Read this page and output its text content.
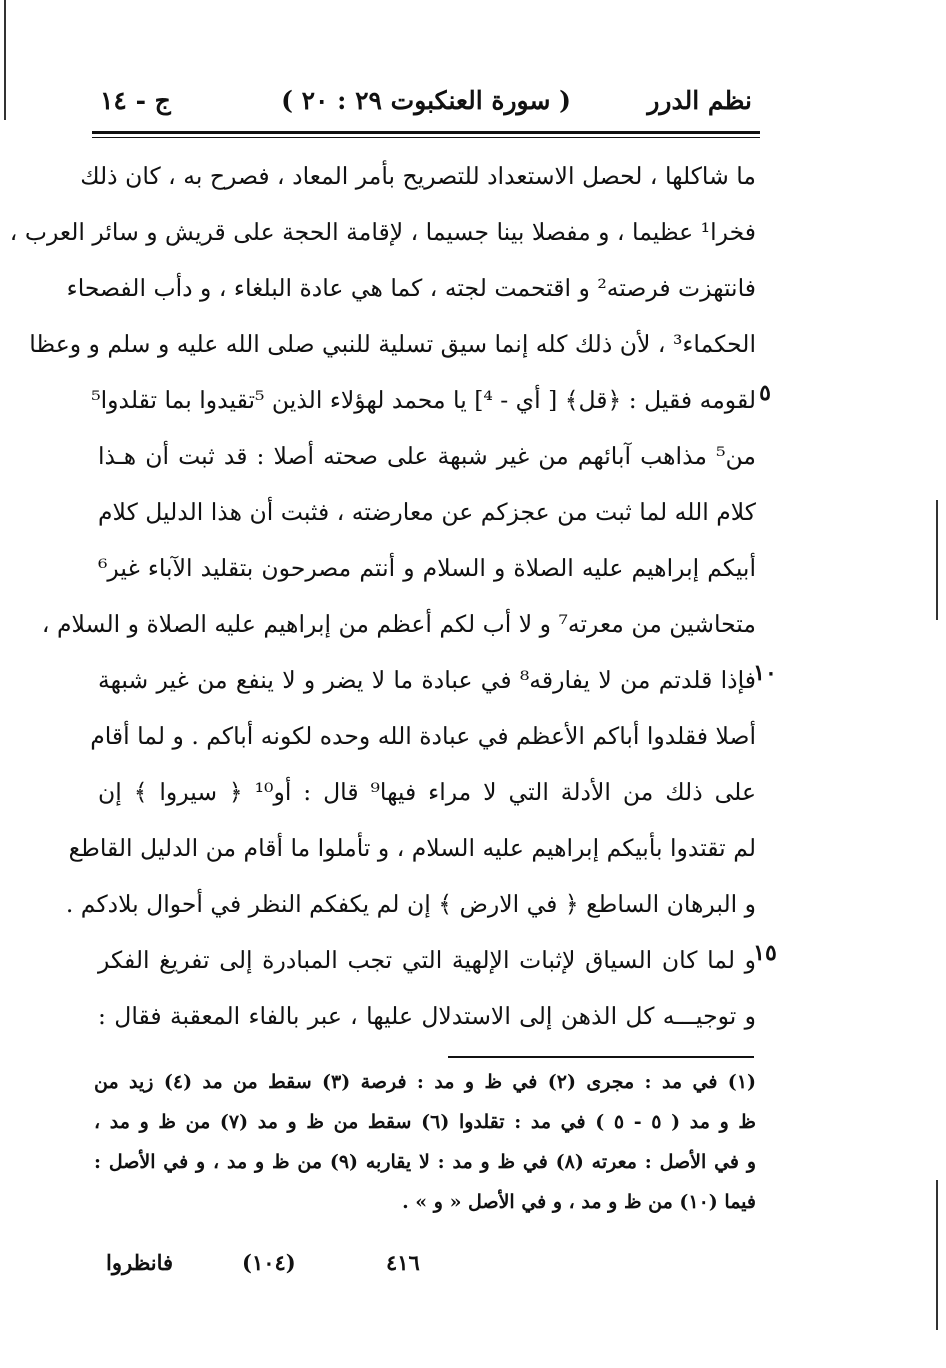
نظم الدرر
( سورة العنكبوت ٢٩ : ٢٠ )
ج - ١٤
٥
١٠
١٥
ما شاكلها ، لحصل الاستعداد للتصريح بأمر المعاد ، فصرح به ، كان ذلك
فخرا¹ عظيما ، و مفصلا بينا جسيما ، لإقامة الحجة على قريش و سائر العرب ،
فانتهزت فرصته² و اقتحمت لجته ، كما هي عادة البلغاء ، و دأب الفصحاء
الحكماء³ ، لأن ذلك كله إنما سيق تسلية للنبي صلى الله عليه و سلم و وعظا
لقومه فقيل : ﴿قل﴾ [ أي - ⁴] يا محمد لهؤلاء الذين ⁵تقيدوا بما تقلدوا⁵
من⁵ مذاهب آبائهم من غير شبهة على صحته أصلا : قد ثبت أن هـذا
كلام الله لما ثبت من عجزكم عن معارضته ، فثبت أن هذا الدليل كلام
أبيكم إبراهيم عليه الصلاة و السلام و أنتم مصرحون بتقليد الآباء غير⁶
متحاشين من معرته⁷ و لا أب لكم أعظم من إبراهيم عليه الصلاة و السلام ،
فإذا قلدتم من لا يفارقه⁸ في عبادة ما لا يضر و لا ينفع من غير شبهة
أصلا فقلدوا أباكم الأعظم في عبادة الله وحده لكونه أباكم . و لما أقام
على ذلك من الأدلة التي لا مراء فيها⁹ قال : أو¹⁰ ﴿ سيروا ﴾ إن
لم تقتدوا بأبيكم إبراهيم عليه السلام ، و تأملوا ما أقام من الدليل القاطع
و البرهان الساطع ﴿ في الارض ﴾ إن لم يكفكم النظر في أحوال بلادكم .
و لما كان السياق لإثبات الإلهية التي تجب المبادرة إلى تفريغ الفكر
و توجيـــه كل الذهن إلى الاستدلال عليها ، عبر بالفاء المعقبة فقال :
(١) في مد : مجرى (٢) في ظ و مد : فرصة (٣) سقط من مد (٤) زيد من
ظ و مد ( ٥ - ٥ ) في مد : تقلدوا (٦) سقط من ظ و مد (٧) من ظ و مد ،
و في الأصل : معرته (٨) في ظ و مد : لا يقاربه (٩) من ظ و مد ، و في الأصل :
فيما (١٠) من ظ و مد ، و في الأصل « و » .
٤١٦
(١٠٤)
فانظروا
